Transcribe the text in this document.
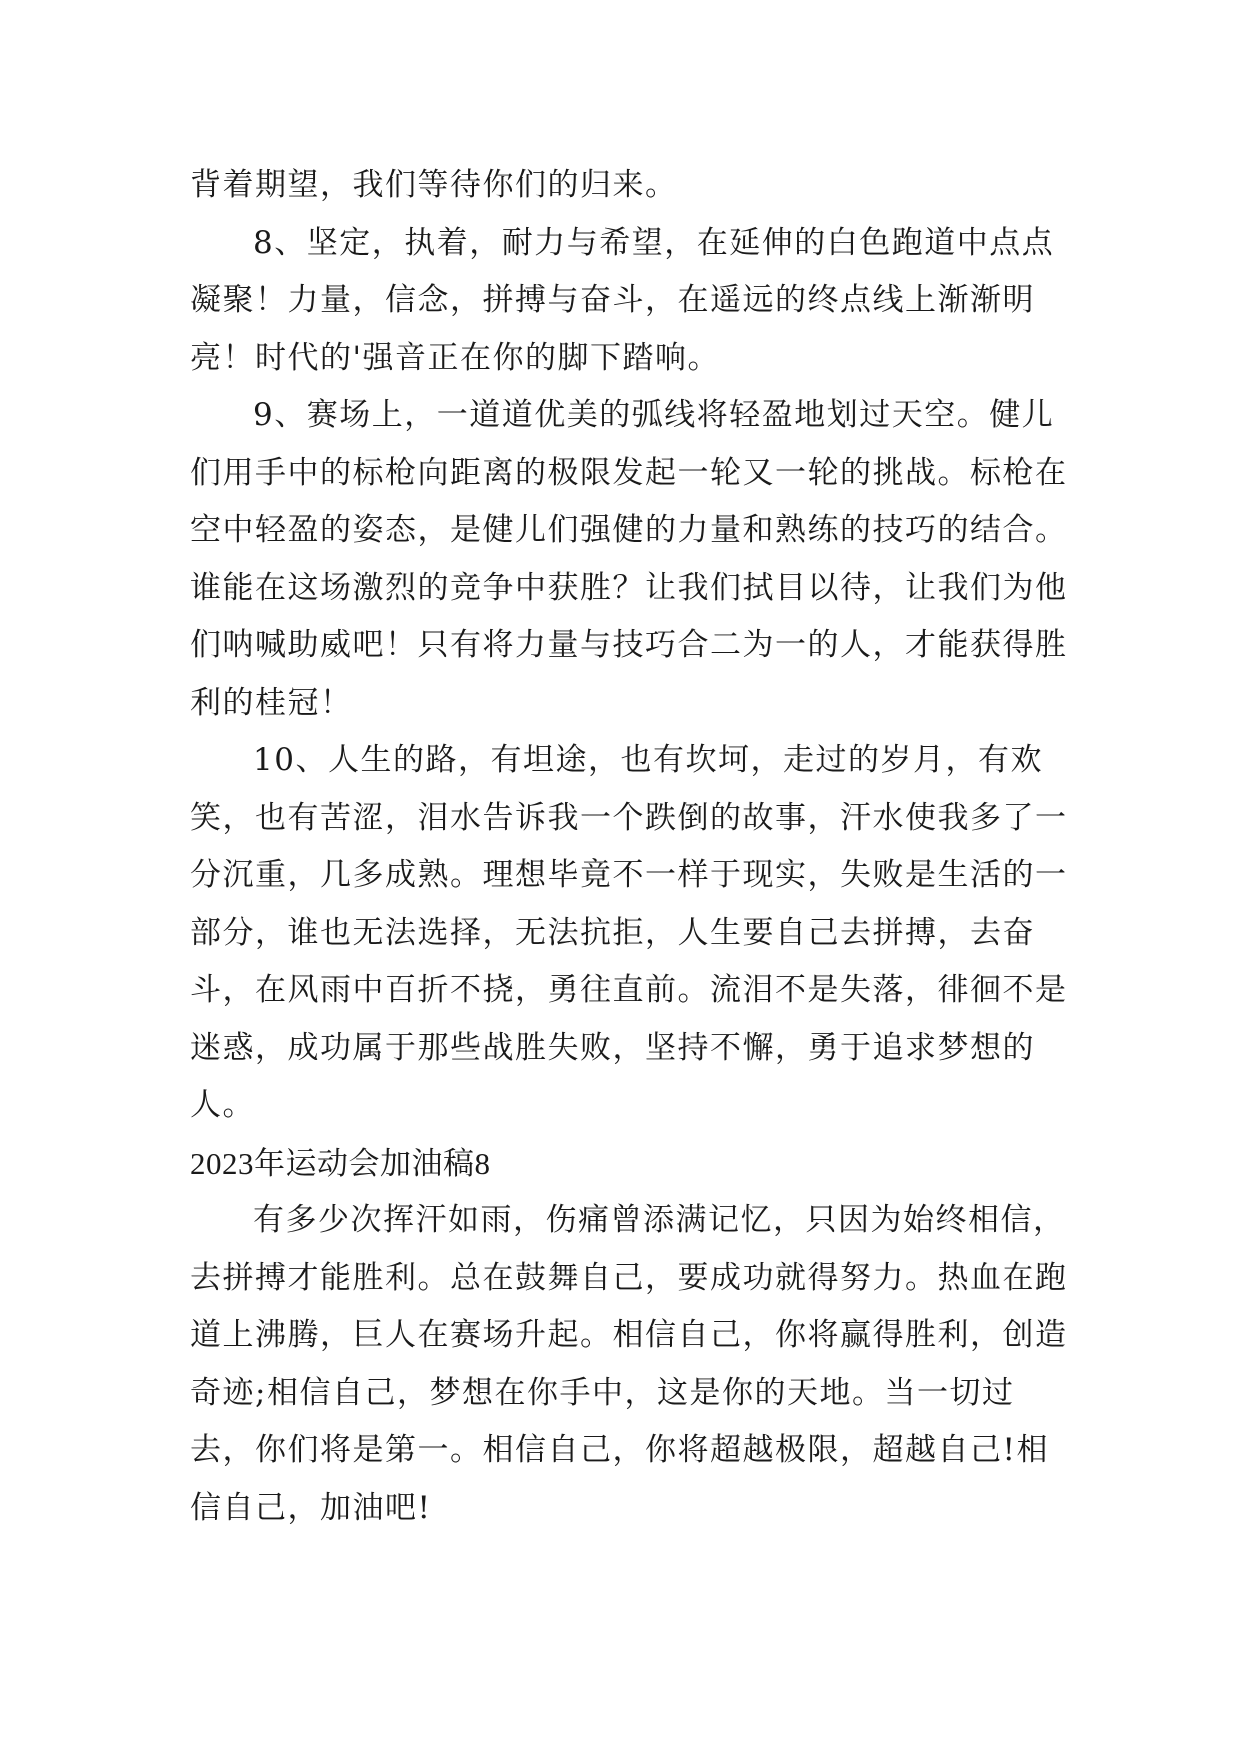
背着期望，我们等待你们的归来。

8、坚定，执着，耐力与希望，在延伸的白色跑道中点点凝聚！力量，信念，拼搏与奋斗，在遥远的终点线上渐渐明亮！时代的'强音正在你的脚下踏响。

9、赛场上，一道道优美的弧线将轻盈地划过天空。健儿们用手中的标枪向距离的极限发起一轮又一轮的挑战。标枪在空中轻盈的姿态，是健儿们强健的力量和熟练的技巧的结合。谁能在这场激烈的竞争中获胜？让我们拭目以待，让我们为他们呐喊助威吧！只有将力量与技巧合二为一的人，才能获得胜利的桂冠！

10、人生的路，有坦途，也有坎坷，走过的岁月，有欢笑，也有苦涩，泪水告诉我一个跌倒的故事，汗水使我多了一分沉重，几多成熟。理想毕竟不一样于现实，失败是生活的一部分，谁也无法选择，无法抗拒，人生要自己去拼搏，去奋斗，在风雨中百折不挠，勇往直前。流泪不是失落，徘徊不是迷惑，成功属于那些战胜失败，坚持不懈，勇于追求梦想的人。

2023年运动会加油稿8

有多少次挥汗如雨，伤痛曾添满记忆，只因为始终相信，去拼搏才能胜利。总在鼓舞自己，要成功就得努力。热血在跑道上沸腾，巨人在赛场升起。相信自己，你将赢得胜利，创造奇迹;相信自己，梦想在你手中，这是你的天地。当一切过去，你们将是第一。相信自己，你将超越极限，超越自己!相信自己，加油吧!
